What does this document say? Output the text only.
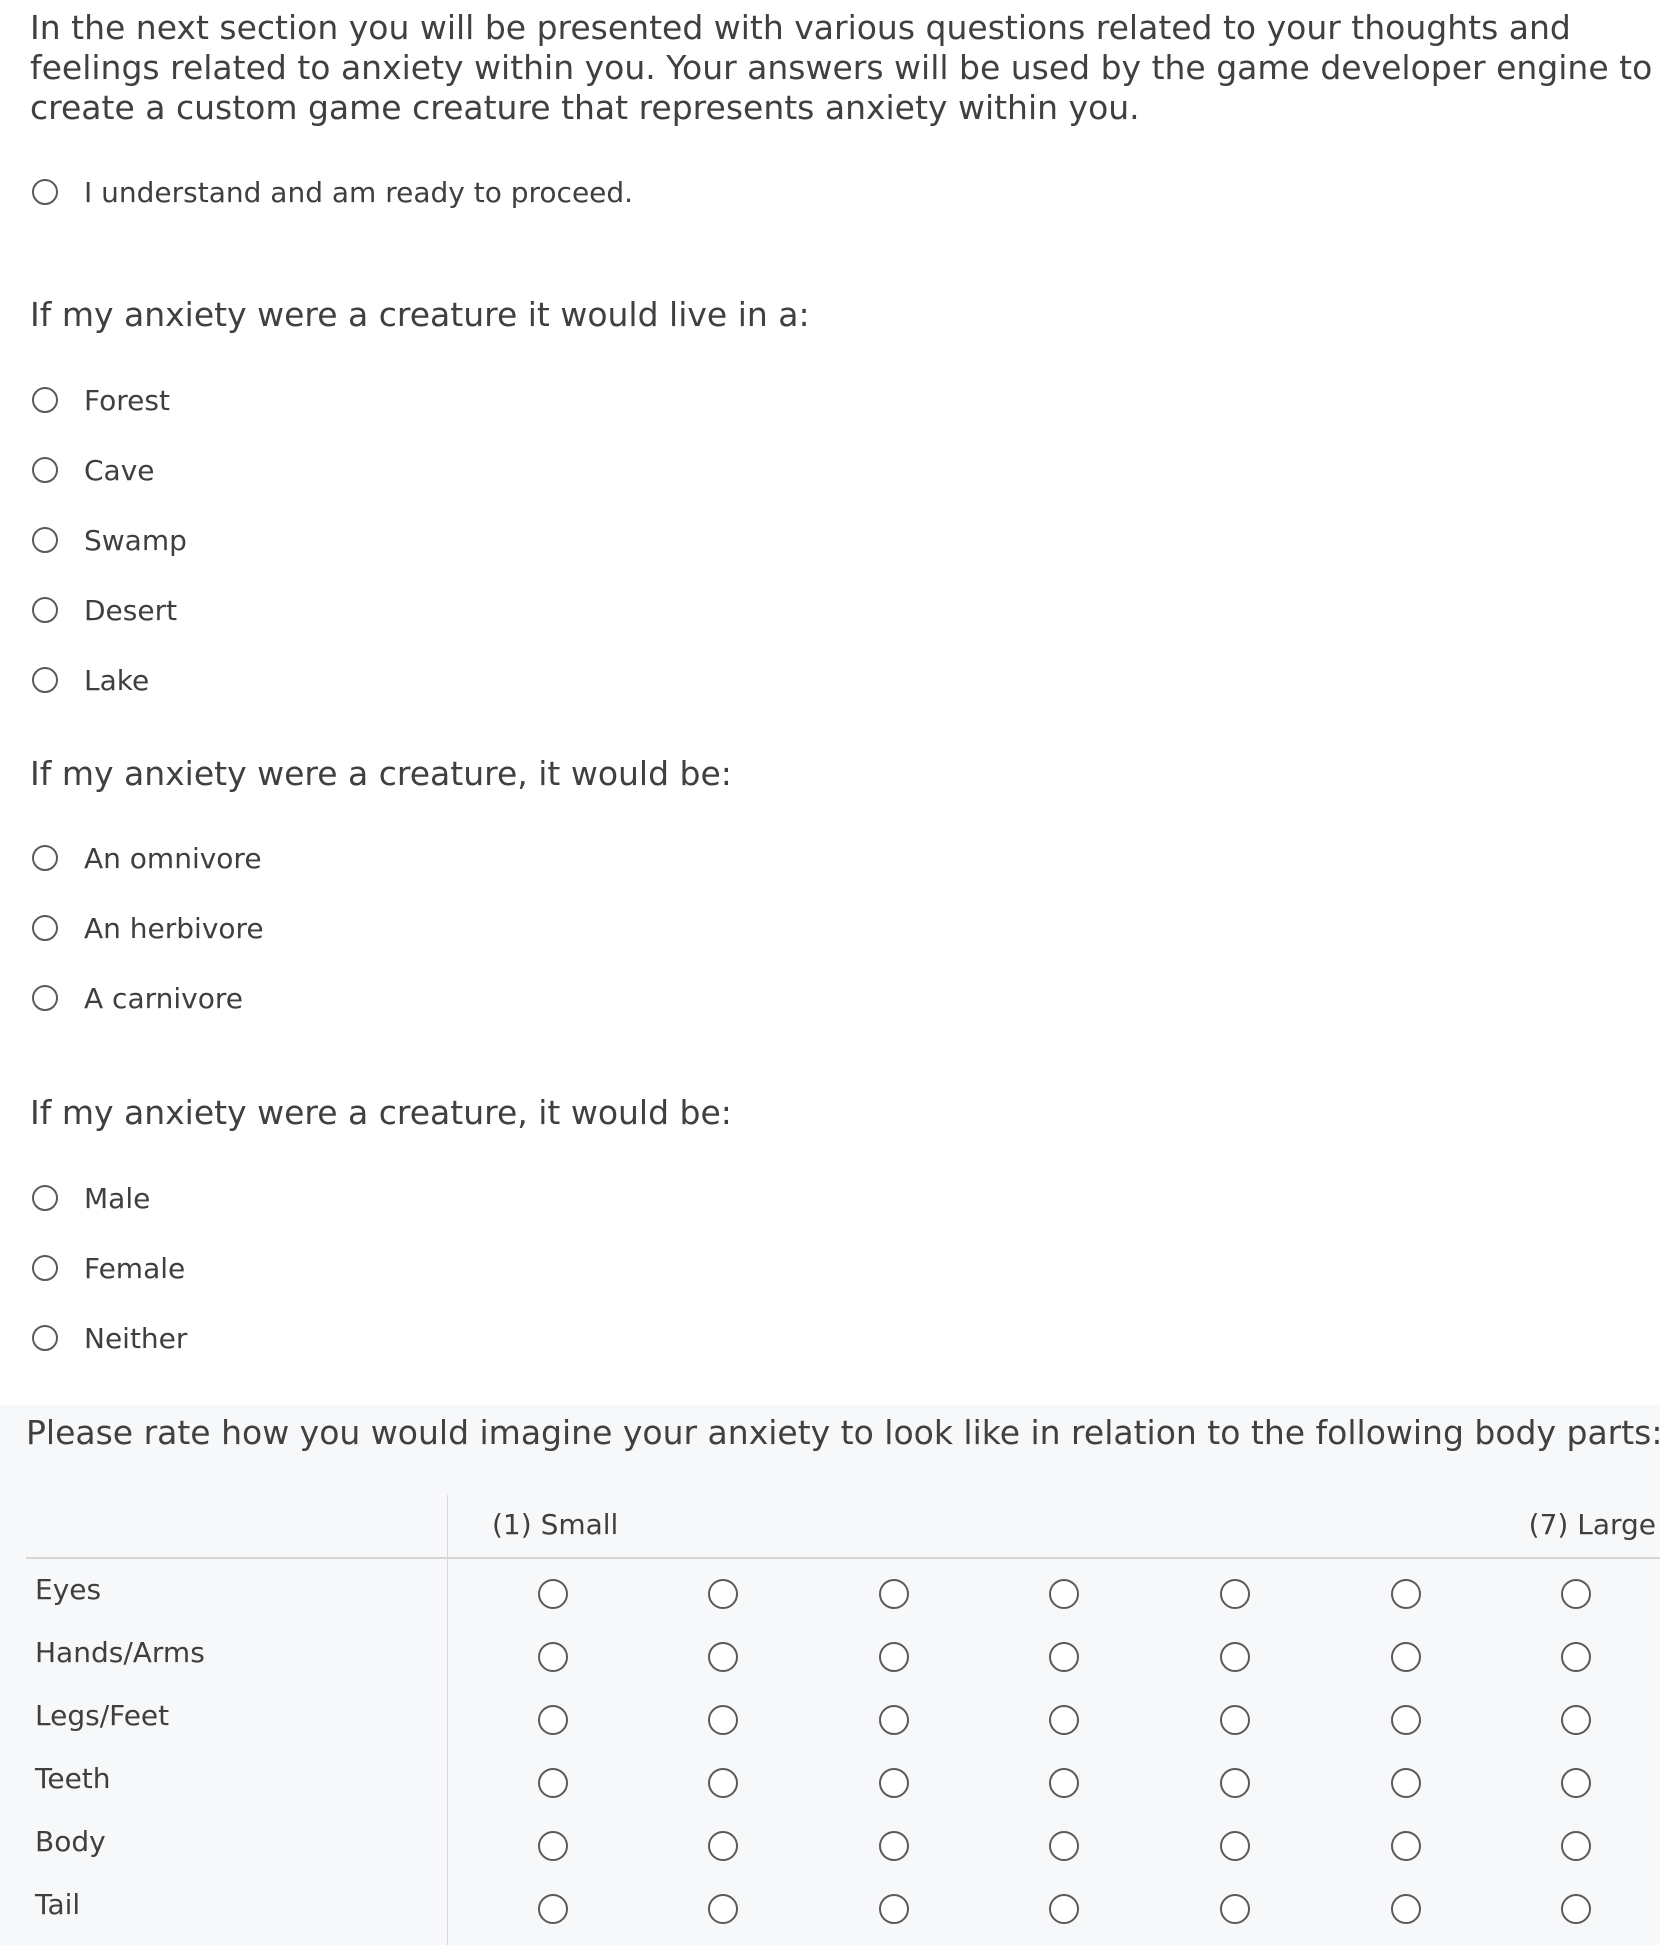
In the next section you will be presented with various questions related to your thoughts and feelings related to anxiety within you. Your answers will be used by the game developer engine to create a custom game creature that represents anxiety within you.

I understand and am ready to proceed.

If my anxiety were a creature it would live in a:

Forest
Cave
Swamp
Desert
Lake

If my anxiety were a creature, it would be:

An omnivore
An herbivore
A carnivore

If my anxiety were a creature, it would be:

Male
Female
Neither

Please rate how you would imagine your anxiety to look like in relation to the following body parts:

(1) Small	(7) Large
Eyes
Hands/Arms
Legs/Feet
Teeth
Body
Tail
